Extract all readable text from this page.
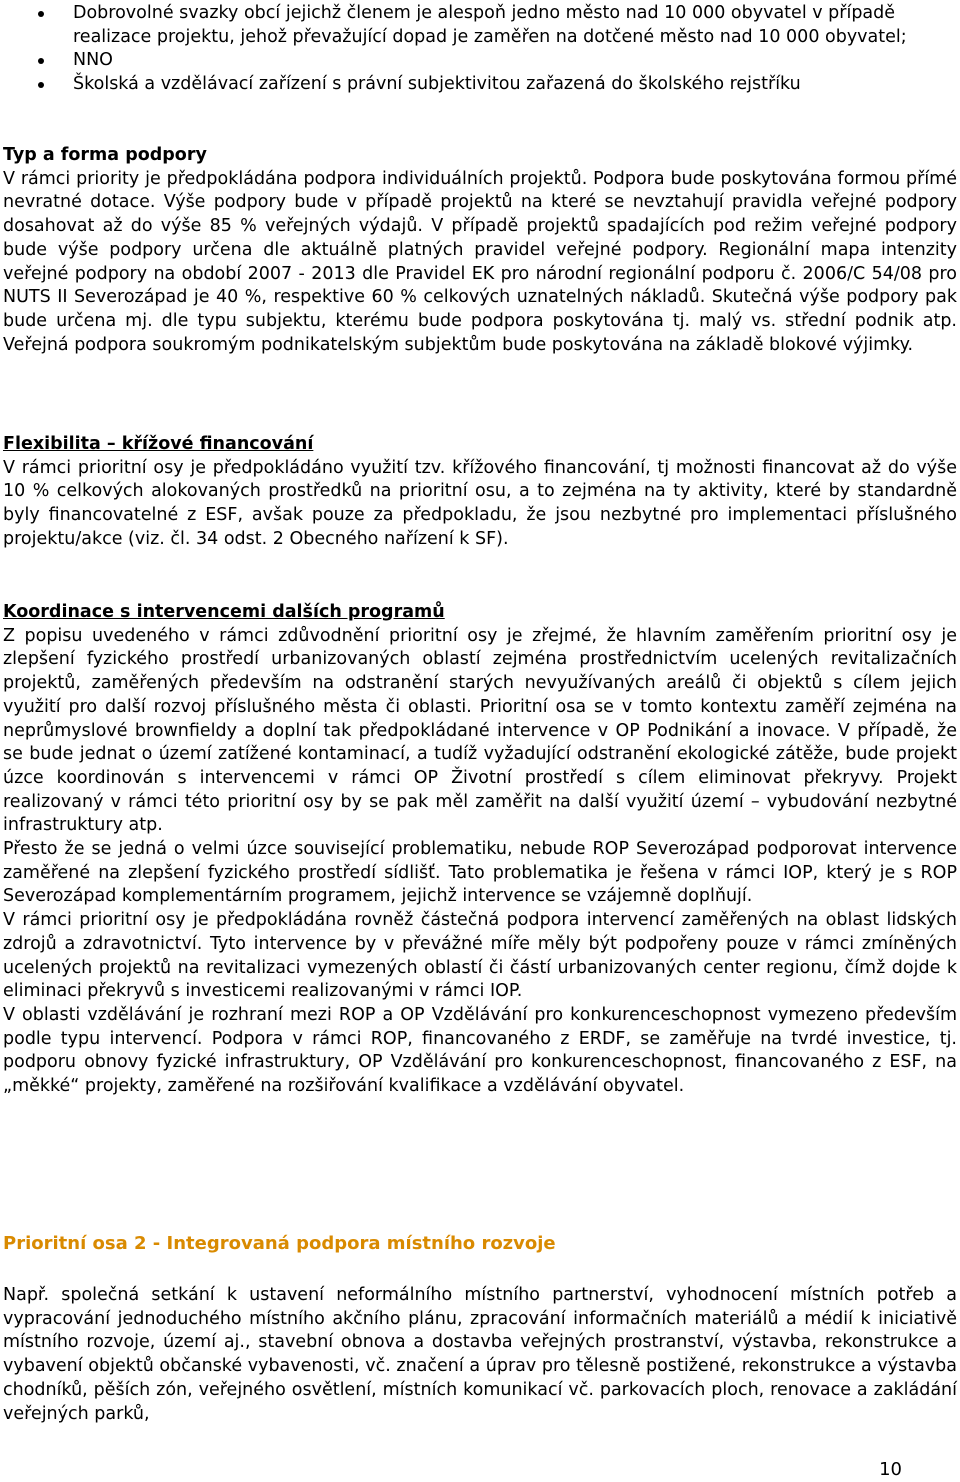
Dobrovolné svazky obcí jejichž členem je alespoň jedno město nad 10 000 obyvatel v případě realizace projektu, jehož převažující dopad je zaměřen na dotčené město nad 10 000 obyvatel;
NNO
Školská a vzdělávací zařízení s právní subjektivitou zařazená do školského rejstříku
Typ a forma podpory

V rámci priority je předpokládána podpora individuálních projektů. Podpora bude poskytována formou přímé nevratné dotace. Výše podpory bude v případě projektů na které se nevztahují pravidla veřejné podpory dosahovat až do výše 85 % veřejných výdajů. V případě projektů spadajících pod režim veřejné podpory bude výše podpory určena dle aktuálně platných pravidel veřejné podpory. Regionální mapa intenzity veřejné podpory na období 2007 - 2013 dle Pravidel EK pro národní regionální podporu č. 2006/C 54/08 pro NUTS II Severozápad je 40 %, respektive 60 % celkových uznatelných nákladů. Skutečná výše podpory pak bude určena mj. dle typu subjektu, kterému bude podpora poskytována tj. malý vs. střední podnik atp. Veřejná podpora soukromým podnikatelským subjektům bude poskytována na základě blokové výjimky.

Flexibilita – křížové financování

V rámci prioritní osy je předpokládáno využití tzv. křížového financování, tj možnosti financovat až do výše 10 % celkových alokovaných prostředků na prioritní osu, a to zejména na ty aktivity, které by standardně byly financovatelné z ESF, avšak pouze za předpokladu, že jsou nezbytné pro implementaci příslušného projektu/akce (viz. čl. 34 odst. 2 Obecného nařízení k SF).

Koordinace s intervencemi dalších programů

Z popisu uvedeného v rámci zdůvodnění prioritní osy je zřejmé, že hlavním zaměřením prioritní osy je zlepšení fyzického prostředí urbanizovaných oblastí zejména prostřednictvím ucelených revitalizačních projektů, zaměřených především na odstranění starých nevyužívaných areálů či objektů s cílem jejich využití pro další rozvoj příslušného města či oblasti. Prioritní osa se v tomto kontextu zaměří zejména na neprůmyslové brownfieldy a doplní tak předpokládané intervence v OP Podnikání a inovace. V případě, že se bude jednat o území zatížené kontaminací, a tudíž vyžadující odstranění ekologické zátěže, bude projekt úzce koordinován s intervencemi v rámci OP Životní prostředí s cílem eliminovat překryvy. Projekt realizovaný v rámci této prioritní osy by se pak měl zaměřit na další využití území – vybudování nezbytné infrastruktury atp.

Přesto že se jedná o velmi úzce související problematiku, nebude ROP Severozápad podporovat intervence zaměřené na zlepšení fyzického prostředí sídlišť. Tato problematika je řešena v rámci IOP, který je s ROP Severozápad komplementárním programem, jejichž intervence se vzájemně doplňují.

V rámci prioritní osy je předpokládána rovněž částečná podpora intervencí zaměřených na oblast lidských zdrojů a zdravotnictví. Tyto intervence by v převážné míře měly být podpořeny pouze v rámci zmíněných ucelených projektů na revitalizaci vymezených oblastí či částí urbanizovaných center regionu, čímž dojde k eliminaci překryvů s investicemi realizovanými v rámci IOP.

V oblasti vzdělávání je rozhraní mezi ROP a OP Vzdělávání pro konkurenceschopnost vymezeno především podle typu intervencí. Podpora v rámci ROP, financovaného z ERDF, se zaměřuje na tvrdé investice, tj. podporu obnovy fyzické infrastruktury, OP Vzdělávání pro konkurenceschopnost, financovaného z ESF, na „měkké“ projekty, zaměřené na rozšiřování kvalifikace a vzdělávání obyvatel.

Prioritní osa 2 - Integrovaná podpora místního rozvoje

Např. společná setkání k ustavení neformálního místního partnerství, vyhodnocení místních potřeb a vypracování jednoduchého místního akčního plánu, zpracování informačních materiálů a médií k iniciativě místního rozvoje, území aj., stavební obnova a dostavba veřejných prostranství, výstavba, rekonstrukce a vybavení objektů občanské vybavenosti, vč. značení a úprav pro tělesně postižené, rekonstrukce a výstavba chodníků, pěších zón, veřejného osvětlení, místních komunikací vč. parkovacích ploch, renovace a zakládání veřejných parků,

10
